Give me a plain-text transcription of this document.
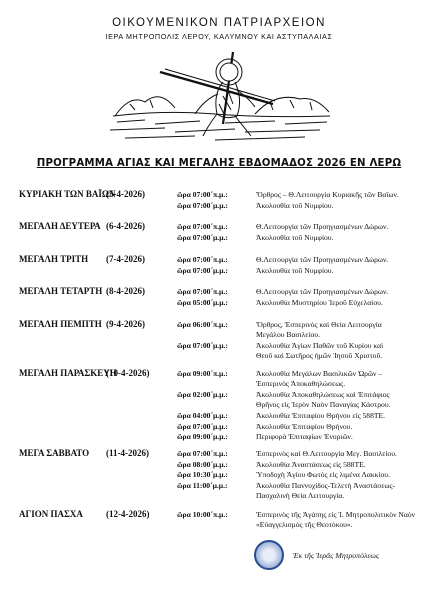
ΟΙΚΟΥΜΕΝΙΚΟΝ ΠΑΤΡΙΑΡΧΕΙΟΝ
ΙΕΡΑ ΜΗΤΡΟΠΟΛΙΣ ΛΕΡΟΥ, ΚΑΛΥΜΝΟΥ ΚΑΙ ΑΣΤΥΠΑΛΑΙΑΣ
ΠΡΟΓΡΑΜΜΑ ΑΓΙΑΣ ΚΑΙ ΜΕΓΑΛΗΣ ΕΒΔΟΜΑΔΟΣ 2026 ΕΝ ΛΕΡΩ
ΚΥΡΙΑΚΗ ΤΩΝ ΒΑΪΩΝ
(5-4-2026)	ὥρα 07:00΄π.μ.:	Ὄρθρος – Θ.Λειτουργία Κυριακῆς τῶν Βαΐων.
ὥρα 07:00΄μ.μ.:	Ἀκολουθία τοῦ Νυμφίου.
ΜΕΓΑΛΗ ΔΕΥΤΕΡΑ (6-4-2026)	ὥρα 07:00΄π.μ.:	Θ.Λειτουργία τῶν Προηγιασμένων Δώρων.
ὥρα 07:00΄μ.μ.:	Ἀκολουθία τοῦ Νυμφίου.
ΜΕΓΑΛΗ ΤΡΙΤΗ (7-4-2026)	ὥρα 07:00΄π.μ.:	Θ.Λειτουργία τῶν Προηγιασμένων Δώρων.
ὥρα 07:00΄μ.μ.:	Ἀκολουθία τοῦ Νυμφίου.
ΜΕΓΑΛΗ ΤΕΤΑΡΤΗ (8-4-2026)	ὥρα 07:00΄π.μ.:	Θ.Λειτουργία τῶν Προηγιασμένων Δώρων.
ὥρα 05:00΄μ.μ.:	Ἀκολουθία Μυστηρίου Ἱεροῦ Εὐχελαίου.
ΜΕΓΑΛΗ ΠΕΜΠΤΗ (9-4-2026)	ὥρα 06:00΄π.μ.:	Ὄρθρος, Ἑσπερινὸς καὶ Θεία Λειτουργία
Μεγάλου Βασιλείου.
ὥρα 07:00΄μ.μ.:	Ἀκολουθία Ἁγίων Παθῶν τοῦ Κυρίου καὶ
Θεοῦ καὶ Σωτῆρος ἡμῶν Ἰησοῦ Χριστοῦ.
ΜΕΓΑΛΗ ΠΑΡΑΣΚΕΥΗ
(10-4-2026)	ὥρα 09:00΄π.μ.:	Ἀκολουθία Μεγάλων Βασιλικῶν Ὡρῶν –
Ἑσπερινὸς Ἀποκαθηλώσεως.
ὥρα 02:00΄μ.μ.:	Ἀκολουθία Ἀποκαθηλώσεως καὶ Ἐπιτάφιος
Θρῆνος εἰς Ἱερὸν Ναὸν Παναγίας Κάστρου.
ὥρα 04:00΄μ.μ.:	Ἀκολουθία Ἐπιταφίου Θρήνου εἰς 588ΤΕ.
ὥρα 07:00΄μ.μ.:	Ἀκολουθία Ἐπιταφίου Θρήνου.
ὥρα 09:00΄μ.μ.:	Περιφορὰ Ἐπιταφίων Ἐνοριῶν.
ΜΕΓΑ ΣΑΒΒΑΤΟ (11-4-2026)	ὥρα 07:00΄π.μ.:	Ἑσπερινὸς καὶ Θ.Λειτουργία Μεγ. Βασιλείου.
ὥρα 08:00΄μ.μ.:	Ἀκολουθία Ἀναστάσεως εἰς 588ΤΕ.
ὥρα 10:30΄μ.μ.:	Ὑποδοχὴ Ἁγίου Φωτὸς εἰς λιμένα Λακκίου.
ὥρα 11:00΄μ.μ.:	Ἀκολουθία Παννυχίδος-Τελετὴ Ἀναστάσεως-
Πασχαλινὴ Θεία Λειτουργία.
ΑΓΙΟΝ ΠΑΣΧΑ	(12-4-2026)	ὥρα 10:00΄π.μ.:	Ἑσπερινὸς τῆς Ἀγάπης εἰς Ἱ. Μητροπολιτικὸν Ναὸν
«Εὐαγγελισμὸς τῆς Θεοτόκου».
Ἐκ τῆς Ἱερᾶς Μητροπόλεως
